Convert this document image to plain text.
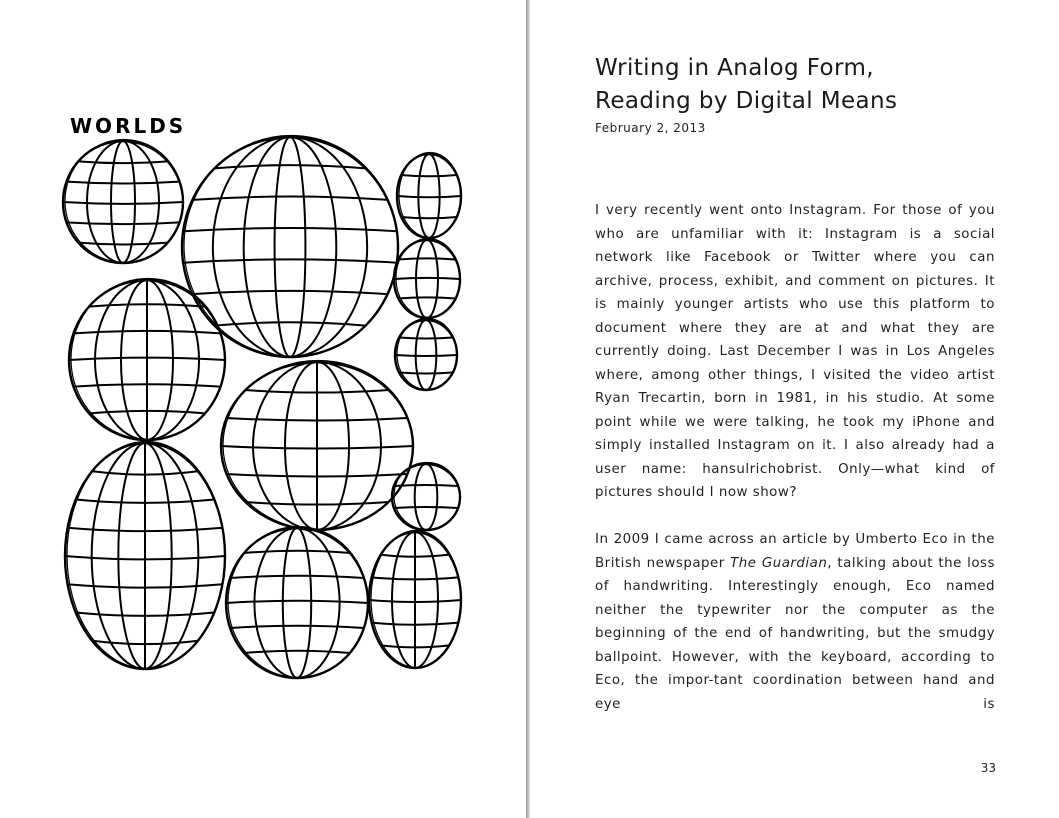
WORLDS
Writing in Analog Form,
Reading by Digital Means
February 2, 2013

I very recently went onto Instagram. For those of you who are unfamiliar with it: Instagram is a social network like Facebook or Twitter where you can archive, process, exhibit, and comment on pictures. It is mainly younger artists who use this platform to document where they are at and what they are currently doing. Last December I was in Los Angeles where, among other things, I visited the video artist Ryan Trecartin, born in 1981, in his studio. At some point while we were talking, he took my iPhone and simply installed Instagram on it. I also already had a user name: hansulrichobrist. Only—what kind of pictures should I now show?

In 2009 I came across an article by Umberto Eco in the British newspaper The Guardian, talking about the loss of handwriting. Interestingly enough, Eco named neither the typewriter nor the computer as the beginning of the end of handwriting, but the smudgy ballpoint. However, with the keyboard, according to Eco, the impor-tant coordination between hand and eye is

33
